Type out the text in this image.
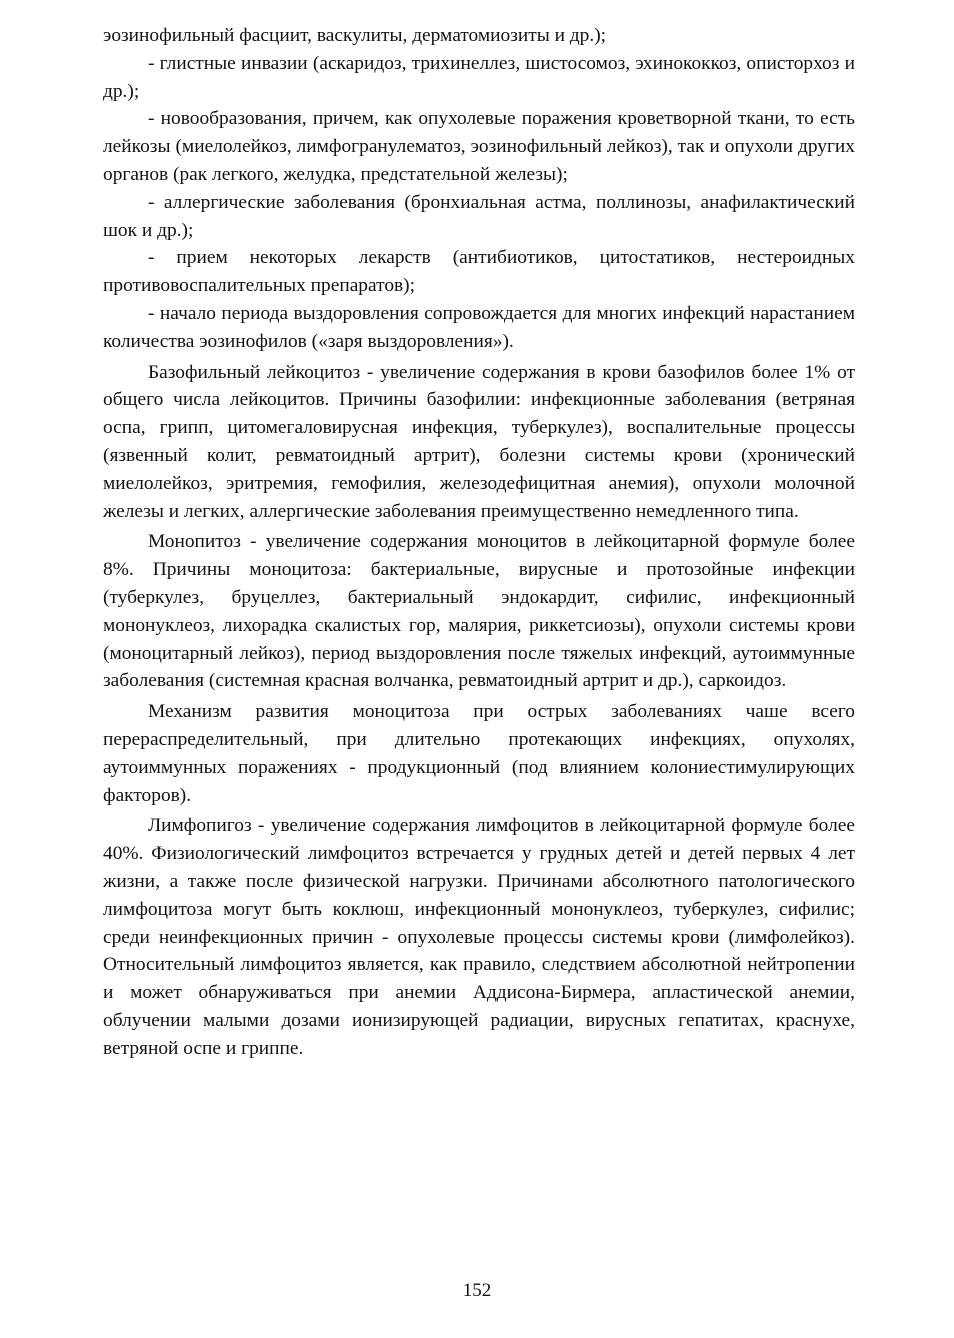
эозинофильный фасциит, васкулиты, дерматомиозиты и др.);

- глистные инвазии (аскаридоз, трихинеллез, шистосомоз, эхинококкоз, описторхоз и др.);

- новообразования, причем, как опухолевые поражения кроветворной ткани, то есть лейкозы (миелолейкоз, лимфогранулематоз, эозинофильный лейкоз), так и опухоли других органов (рак легкого, желудка, предстательной железы);

- аллергические заболевания (бронхиальная астма, поллинозы, анафилактический шок и др.);

- прием некоторых лекарств (антибиотиков, цитостатиков, нестероидных противовоспалительных препаратов);

- начало периода выздоровления сопровождается для многих инфекций нарастанием количества эозинофилов («заря выздоровления»).

Базофильный лейкоцитоз - увеличение содержания в крови базофилов более 1% от общего числа лейкоцитов. Причины базофилии: инфекционные заболевания (ветряная оспа, грипп, цитомегаловирусная инфекция, туберкулез), воспалительные процессы (язвенный колит, ревматоидный артрит), болезни системы крови (хронический миелолейкоз, эритремия, гемофилия, железодефицитная анемия), опухоли молочной железы и легких, аллергические заболевания преимущественно немедленного типа.

Монопитоз - увеличение содержания моноцитов в лейкоцитарной формуле более 8%. Причины моноцитоза: бактериальные, вирусные и протозойные инфекции (туберкулез, бруцеллез, бактериальный эндокардит, сифилис, инфекционный мононуклеоз, лихорадка скалистых гор, малярия, риккетсиозы), опухоли системы крови (моноцитарный лейкоз), период выздоровления после тяжелых инфекций, аутоиммунные заболевания (системная красная волчанка, ревматоидный артрит и др.), саркоидоз.

Механизм развития моноцитоза при острых заболеваниях чаше всего перераспределительный, при длительно протекающих инфекциях, опухолях, аутоиммунных поражениях - продукционный (под влиянием колониестимулирующих факторов).

Лимфопигоз - увеличение содержания лимфоцитов в лейкоцитарной формуле более 40%. Физиологический лимфоцитоз встречается у грудных детей и детей первых 4 лет жизни, а также после физической нагрузки. Причинами абсолютного патологического лимфоцитоза могут быть коклюш, инфекционный мононуклеоз, туберкулез, сифилис; среди неинфекционных причин - опухолевые процессы системы крови (лимфолейкоз). Относительный лимфоцитоз является, как правило, следствием абсолютной нейтропении и может обнаруживаться при анемии Аддисона-Бирмера, апластической анемии, облучении малыми дозами ионизирующей радиации, вирусных гепатитах, краснухе, ветряной оспе и гриппе.

152
